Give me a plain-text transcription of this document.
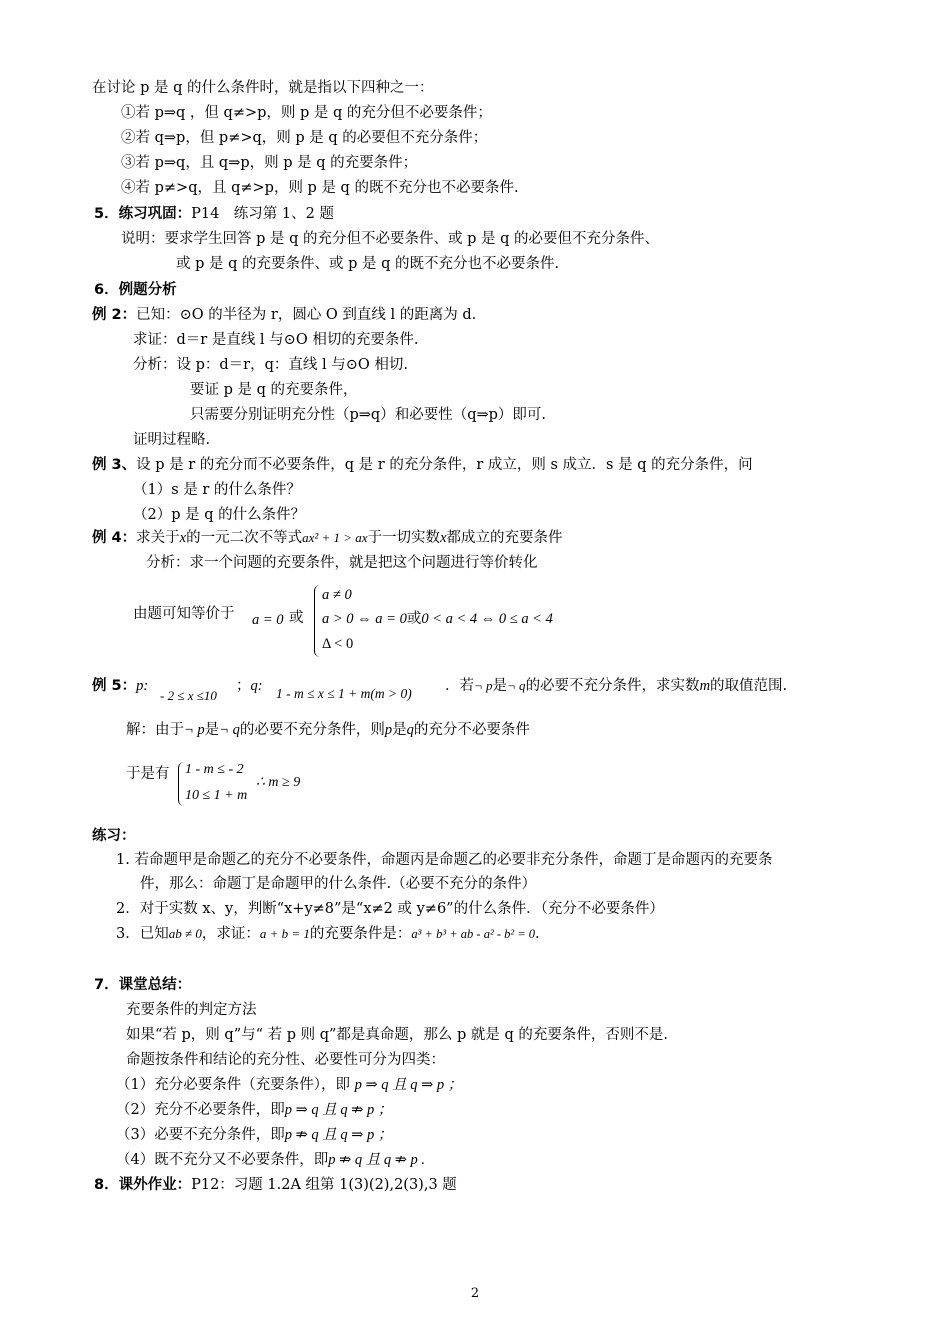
在讨论 p 是 q 的什么条件时，就是指以下四种之一：
①若 p⇒q ，但 q≠>p，则 p 是 q 的充分但不必要条件；
②若 q⇒p，但 p≠>q，则 p 是 q 的必要但不充分条件；
③若 p⇒q，且 q⇒p，则 p 是 q 的充要条件；
④若 p≠>q，且 q≠>p，则 p 是 q 的既不充分也不必要条件.
5．练习巩固：P14　练习第 1、2 题
说明：要求学生回答 p 是 q 的充分但不必要条件、或 p 是 q 的必要但不充分条件、
或 p 是 q 的充要条件、或 p 是 q 的既不充分也不必要条件.
6．例题分析
例 2：已知：⊙O 的半径为 r，圆心 O 到直线 l 的距离为 d.
求证：d＝r 是直线 l 与⊙O 相切的充要条件.
分析：设 p：d＝r，q：直线 l 与⊙O 相切.
要证 p 是 q 的充要条件，
只需要分别证明充分性（p⇒q）和必要性（q⇒p）即可.
证明过程略.
例 3、设 p 是 r 的充分而不必要条件，q 是 r 的充分条件，r 成立，则 s 成立．s 是 q 的充分条件，问
（1）s 是 r 的什么条件？
（2）p 是 q 的什么条件？
例 4：求关于x的一元二次不等式ax² + 1 > ax于一切实数x都成立的充要条件
分析：求一个问题的充要条件，就是把这个问题进行等价转化
由题可知等价于 a = 0 或
a ≠ 0
a > 0 ⇔ a = 0或0 < a < 4 ⇔ 0 ≤ a < 4
Δ < 0
例 5：p:
- 2 ≤ x ≤10
；q: 1 - m ≤ x ≤ 1 + m(m > 0) ．若¬ p是¬ q的必要不充分条件，求实数m的取值范围.
解：由于¬ p是¬ q的必要不充分条件，则p是q的充分不必要条件
于是有 1 - m ≤ - 2
10 ≤ 1 + m
∴ m ≥ 9
练习：
1. 若命题甲是命题乙的充分不必要条件，命题丙是命题乙的必要非充分条件，命题丁是命题丙的充要条
件，那么：命题丁是命题甲的什么条件.（必要不充分的条件）
2．对于实数 x、y，判断“x+y≠8”是“x≠2 或 y≠6”的什么条件．（充分不必要条件）
3．已知ab ≠ 0，求证：a + b = 1的充要条件是：a³ + b³ + ab - a² - b² = 0.
7．课堂总结：
充要条件的判定方法
如果“若 p，则 q”与“ 若 p 则 q”都是真命题，那么 p 就是 q 的充要条件，否则不是.
命题按条件和结论的充分性、必要性可分为四类：
（1）充分必要条件（充要条件），即 p ⇒ q 且 q ⇒ p ；
（2）充分不必要条件，即p ⇒ q 且 q ⇏ p ；
（3）必要不充分条件，即p ⇏ q 且 q ⇒ p ；
（4）既不充分又不必要条件，即p ⇏ q 且 q ⇏ p .
8．课外作业：P12：习题 1.2A 组第 1(3)(2),2(3),3 题
2
